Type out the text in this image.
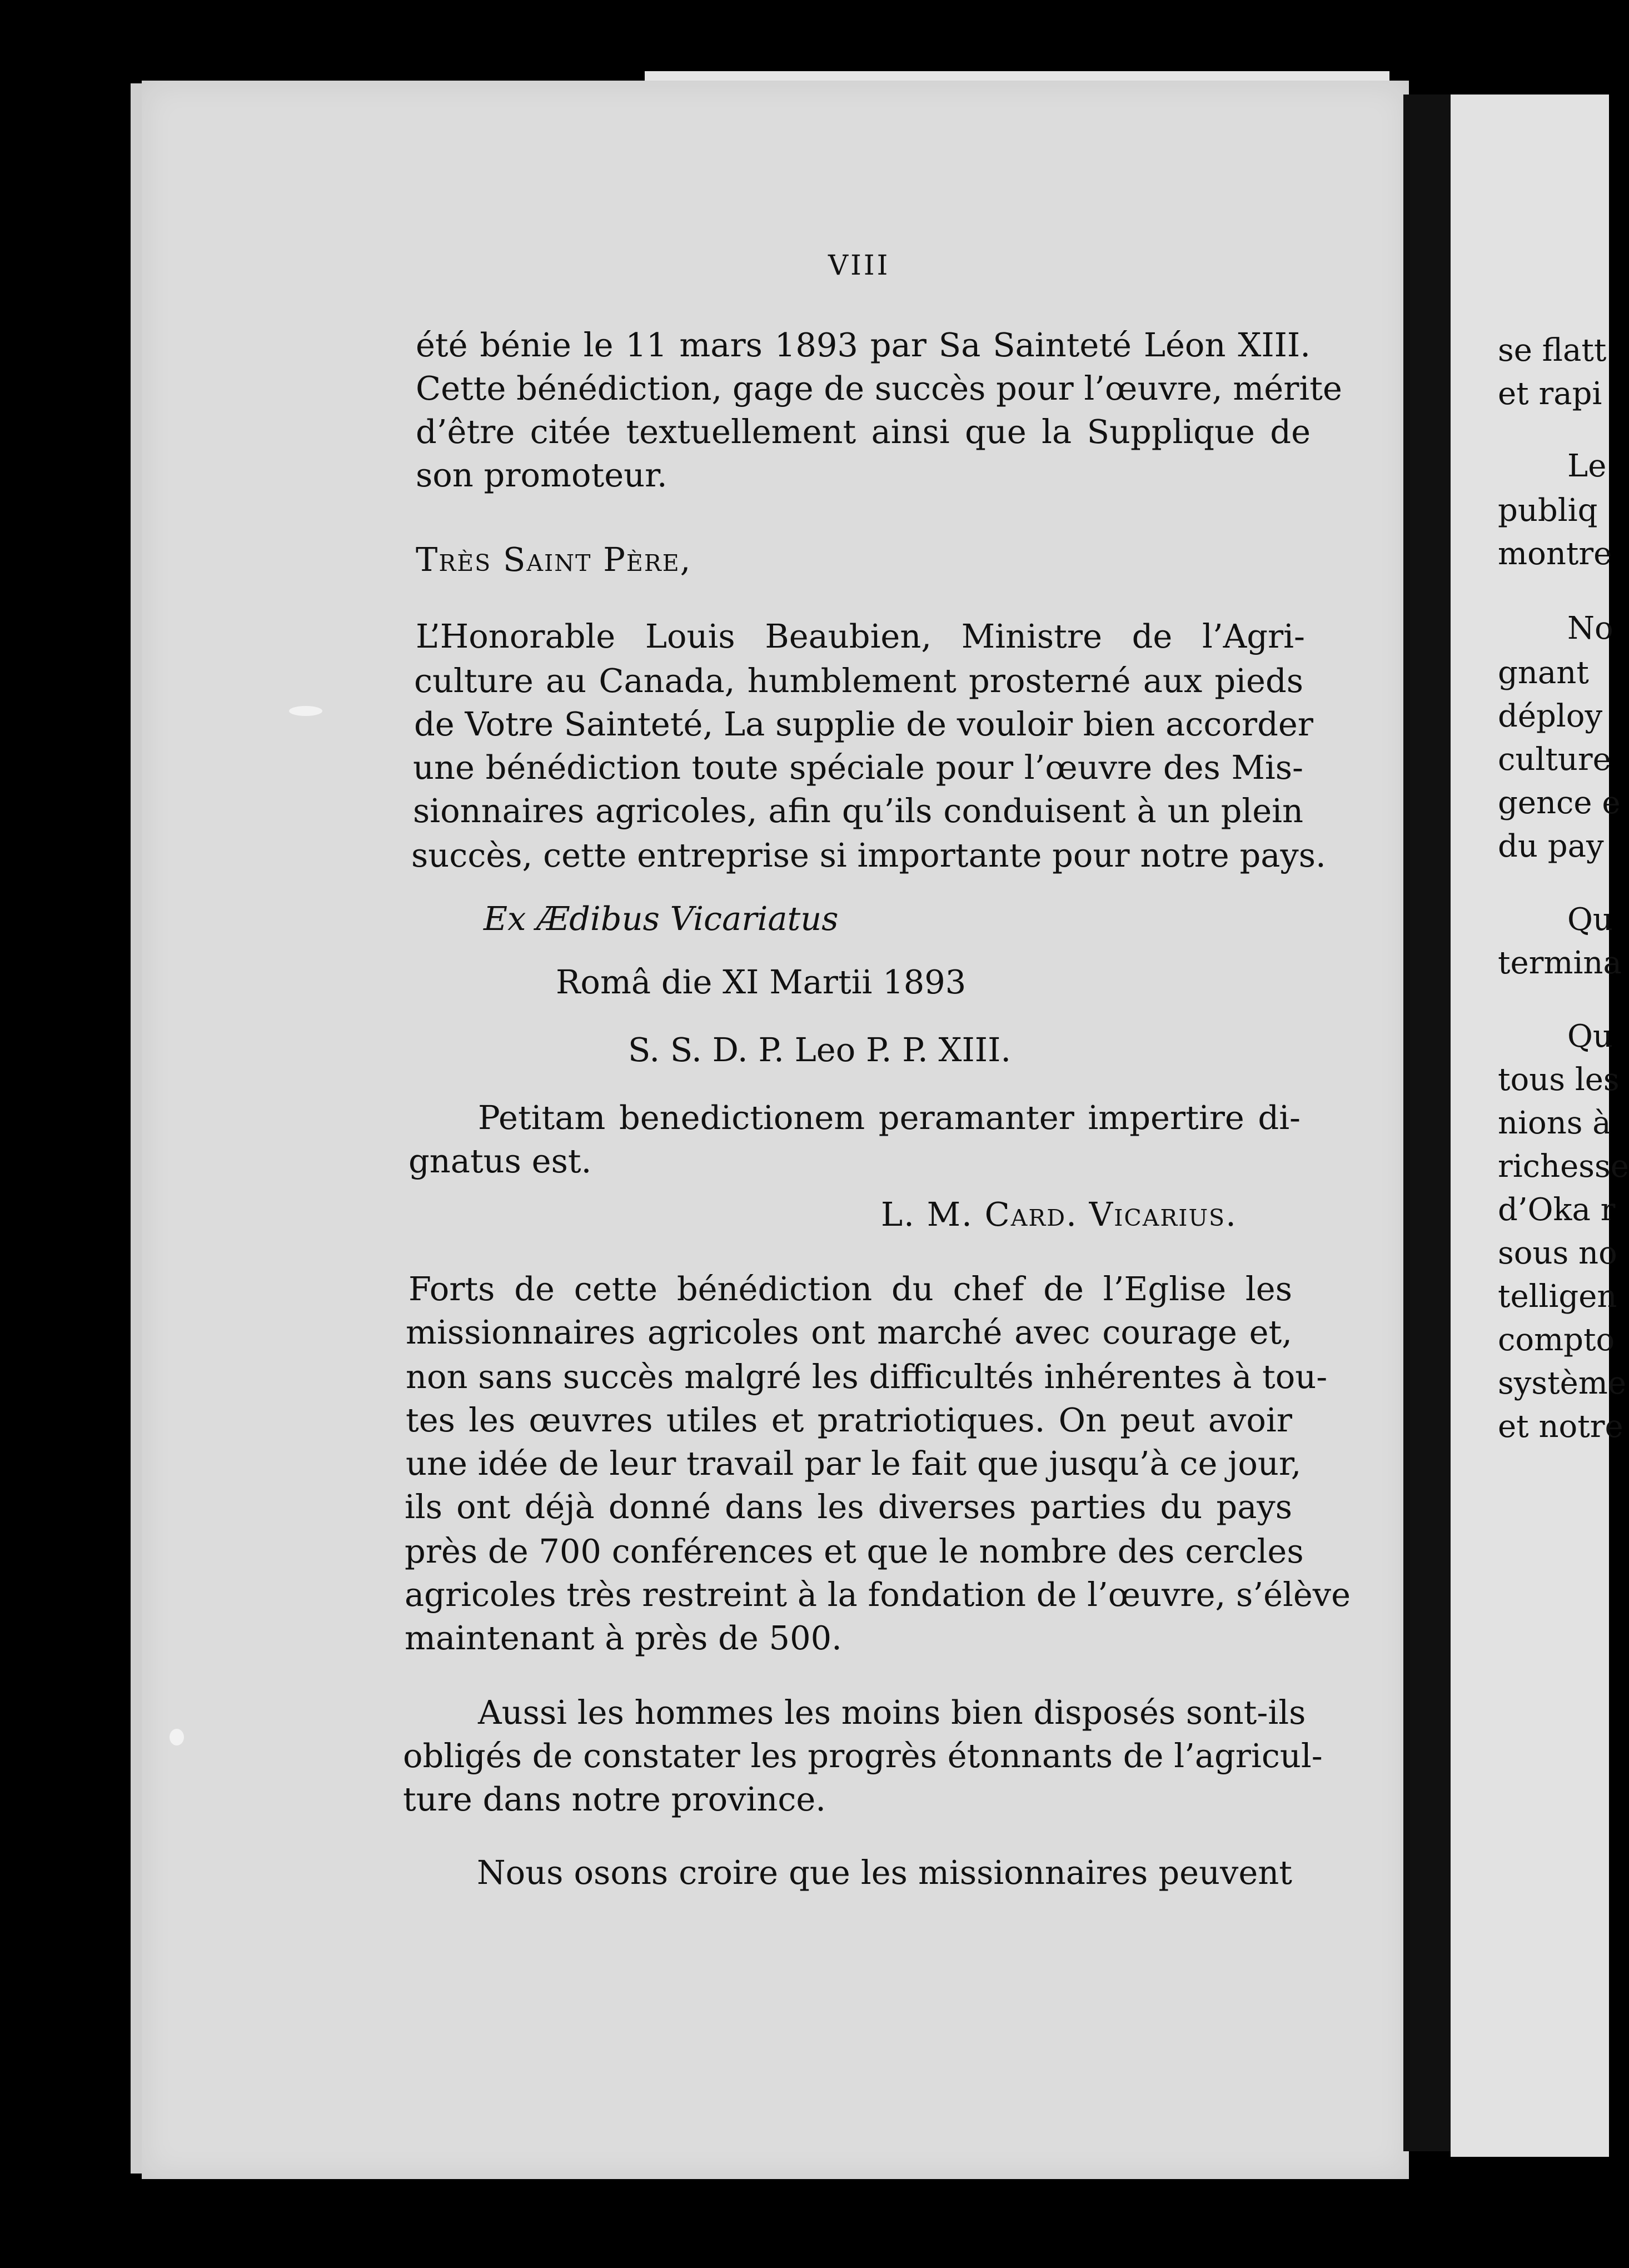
VIII

été bénie le 11 mars 1893 par Sa Sainteté Léon XIII.

Cette bénédiction, gage de succès pour l’œuvre, mérite

d’être citée textuellement ainsi que la Supplique de

son promoteur.

Très Saint Père,

L’Honorable Louis Beaubien, Ministre de l’Agri-

culture au Canada, humblement prosterné aux pieds

de Votre Sainteté, La supplie de vouloir bien accorder

une bénédiction toute spéciale pour l’œuvre des Mis-

sionnaires agricoles, afin qu’ils conduisent à un plein

succès, cette entreprise si importante pour notre pays.

Ex Ædibus Vicariatus

Româ die XI Martii 1893

S. S. D. P. Leo P. P. XIII.

Petitam benedictionem peramanter impertire di-

gnatus est.

L. M. Card. Vicarius.

Forts de cette bénédiction du chef de l’Eglise les

missionnaires agricoles ont marché avec courage et,

non sans succès malgré les difficultés inhérentes à tou-

tes les œuvres utiles et pratriotiques. On peut avoir

une idée de leur travail par le fait que jusqu’à ce jour,

ils ont déjà donné dans les diverses parties du pays

près de 700 conférences et que le nombre des cercles

agricoles très restreint à la fondation de l’œuvre, s’élève

maintenant à près de 500.

Aussi les hommes les moins bien disposés sont-ils

obligés de constater les progrès étonnants de l’agricul-

ture dans notre province.

Nous osons croire que les missionnaires peuvent

se flatt
et rapi
Le
publiq
montre
No
gnant
déploy
culture
gence e
du pay
Qu
termina
Qu
tous les
nions à
richesse
d’Oka r
sous no
telligen
compto
système
et notre
